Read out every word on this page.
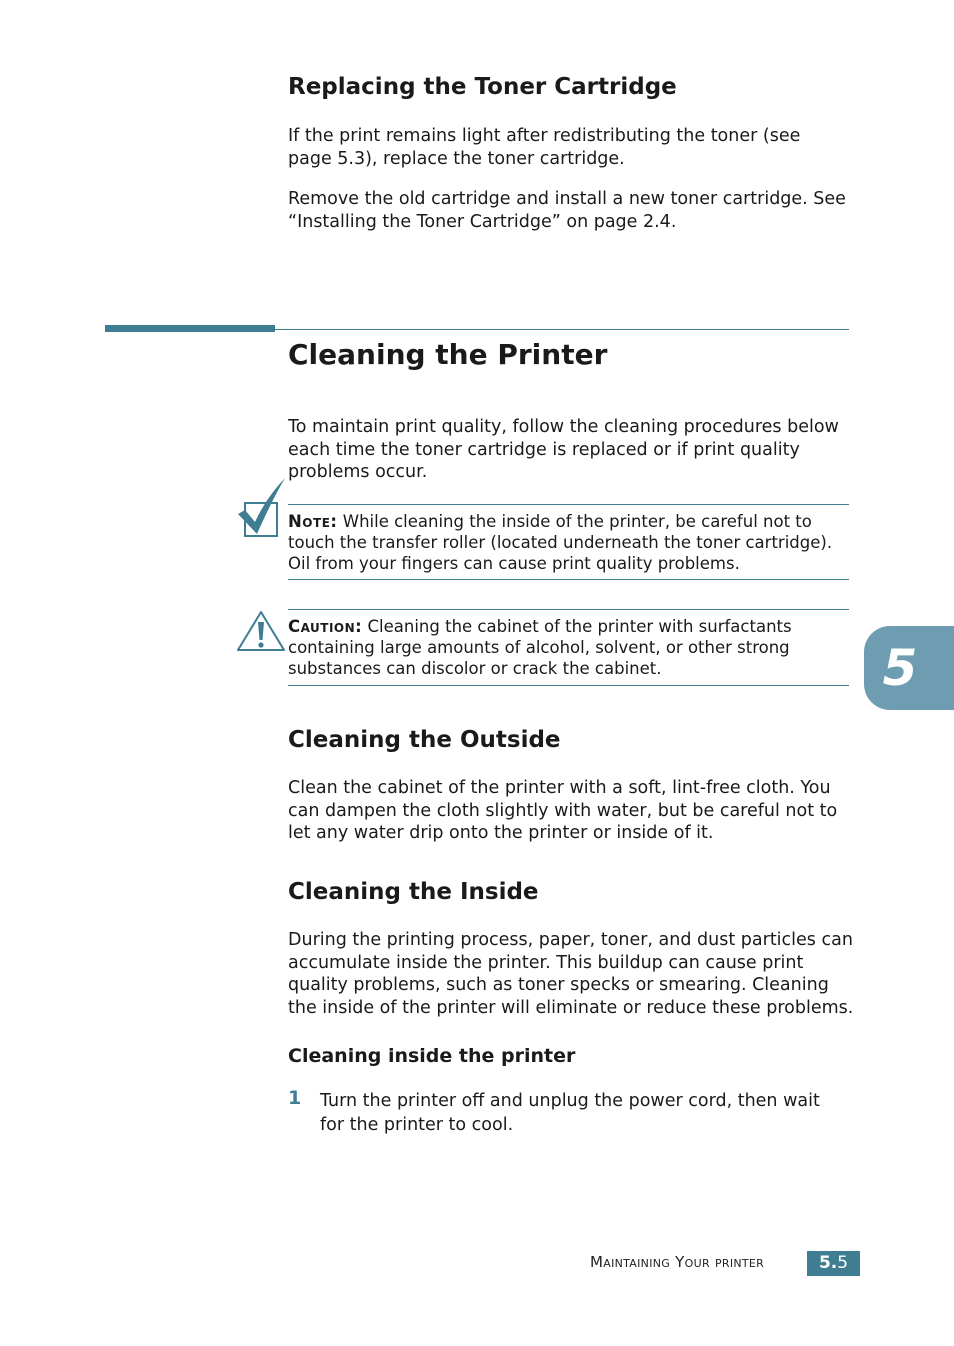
Replacing the Toner Cartridge
If the print remains light after redistributing the toner (see
page 5.3), replace the toner cartridge.
Remove the old cartridge and install a new toner cartridge. See
“Installing the Toner Cartridge” on page 2.4.
Cleaning the Printer
To maintain print quality, follow the cleaning procedures below
each time the toner cartridge is replaced or if print quality
problems occur.
Note: While cleaning the inside of the printer, be careful not to
touch the transfer roller (located underneath the toner cartridge).
Oil from your fingers can cause print quality problems.
Caution: Cleaning the cabinet of the printer with surfactants
containing large amounts of alcohol, solvent, or other strong
substances can discolor or crack the cabinet.	5
Cleaning the Outside
Clean the cabinet of the printer with a soft, lint-free cloth. You
can dampen the cloth slightly with water, but be careful not to
let any water drip onto the printer or inside of it.
Cleaning the Inside
During the printing process, paper, toner, and dust particles can
accumulate inside the printer. This buildup can cause print
quality problems, such as toner specks or smearing. Cleaning
the inside of the printer will eliminate or reduce these problems.
Cleaning inside the printer
1 Turn the printer off and unplug the power cord, then wait
for the printer to cool.
Maintaining Your printer	5.5
